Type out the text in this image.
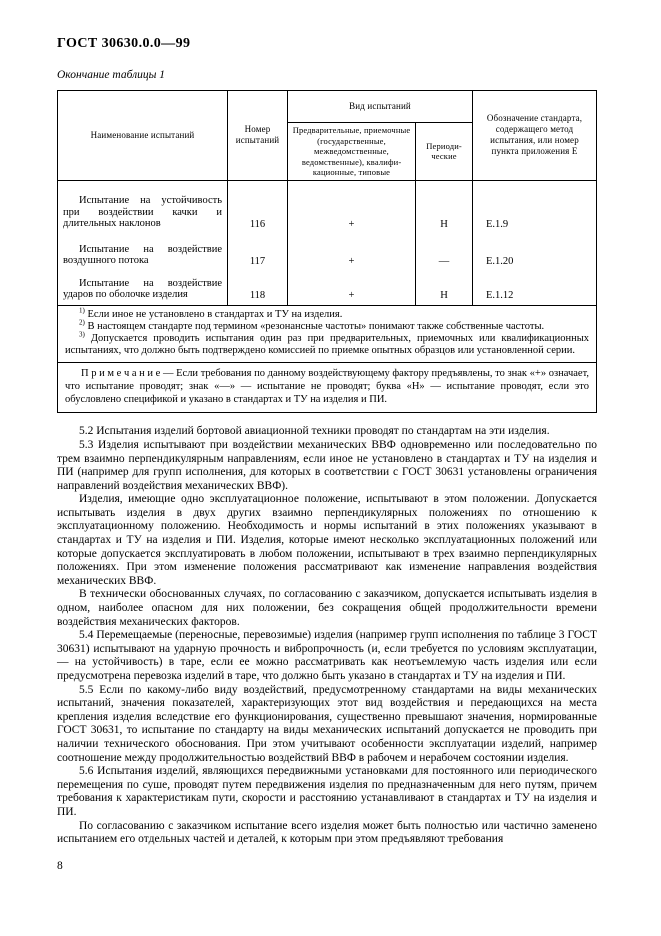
ГОСТ 30630.0.0—99
Окончание таблицы 1
Наименование испытаний	Номер испытаний	Вид испытаний		Обозначение стандарта, содержащего метод испытания, или номер пункта приложения Е
		Предварительные, приемочные (государственные, межведомственные, ведомственные), квалификационные, типовые	Периодические	
Испытание на устойчивость при воздействии качки и длительных наклонов	116	+	Н	Е.1.9
Испытание на воздействие воздушного потока	117	+	—	Е.1.20
Испытание на воздействие ударов по оболочке изделия	118	+	Н	Е.1.12

$^{1)}$ Если иное не установлено в стандартах и ТУ на изделия.
$^{2)}$ В настоящем стандарте под термином «резонансные частоты» понимают также собственные частоты.
$^{3)}$ Допускается проводить испытания один раз при предварительных, приемочных или квалификационных испытаниях, что должно быть подтверждено комиссией по приемке опытных образцов или установленной серии.				

П р и м е ч а н и е — Если требования по данному воздействующему фактору предъявлены, то знак «+» означает, что испытание проводят; знак «—» — испытание не проводят; буква «Н» — испытание проводят, если это обусловлено спецификой и указано в стандартах и ТУ на изделия и ПИ.				

5.2 Испытания изделий бортовой авиационной техники проводят по стандартам на эти изделия.

5.3 Изделия испытывают при воздействии механических ВВФ одновременно или последовательно по трем взаимно перпендикулярным направлениям, если иное не установлено в стандартах и ТУ на изделия и ПИ (например для групп исполнения, для которых в соответствии с ГОСТ 30631 установлены ограничения направлений воздействия механических ВВФ).

Изделия, имеющие одно эксплуатационное положение, испытывают в этом положении. Допускается испытывать изделия в двух других взаимно перпендикулярных положениях по отношению к эксплуатационному положению. Необходимость и нормы испытаний в этих положениях указывают в стандартах и ТУ на изделия и ПИ. Изделия, которые имеют несколько эксплуатационных положений или которые допускается эксплуатировать в любом положении, испытывают в трех взаимно перпендикулярных положениях. При этом изменение положения рассматривают как изменение направления воздействия механических ВВФ.

В технически обоснованных случаях, по согласованию с заказчиком, допускается испытывать изделия в одном, наиболее опасном для них положении, без сокращения общей продолжительности времени воздействия механических факторов.

5.4 Перемещаемые (переносные, перевозимые) изделия (например групп исполнения по таблице 3 ГОСТ 30631) испытывают на ударную прочность и вибропрочность (и, если требуется по условиям эксплуатации, — на устойчивость) в таре, если ее можно рассматривать как неотъемлемую часть изделия или если предусмотрена перевозка изделий в таре, что должно быть указано в стандартах и ТУ на изделия и ПИ.

5.5 Если по какому-либо виду воздействий, предусмотренному стандартами на виды механических испытаний, значения показателей, характеризующих этот вид воздействия и передающихся на места крепления изделия вследствие его функционирования, существенно превышают значения, нормированные ГОСТ 30631, то испытание по стандарту на виды механических испытаний допускается не проводить при наличии технического обоснования. При этом учитывают особенности эксплуатации изделий, например соотношение между продолжительностью воздействий ВВФ в рабочем и нерабочем состоянии изделия.

5.6 Испытания изделий, являющихся передвижными установками для постоянного или периодического перемещения по суше, проводят путем передвижения изделия по предназначенным для него путям, причем требования к характеристикам пути, скорости и расстоянию устанавливают в стандартах и ТУ на изделия и ПИ.

По согласованию с заказчиком испытание всего изделия может быть полностью или частично заменено испытанием его отдельных частей и деталей, к которым при этом предъявляют требования

8
